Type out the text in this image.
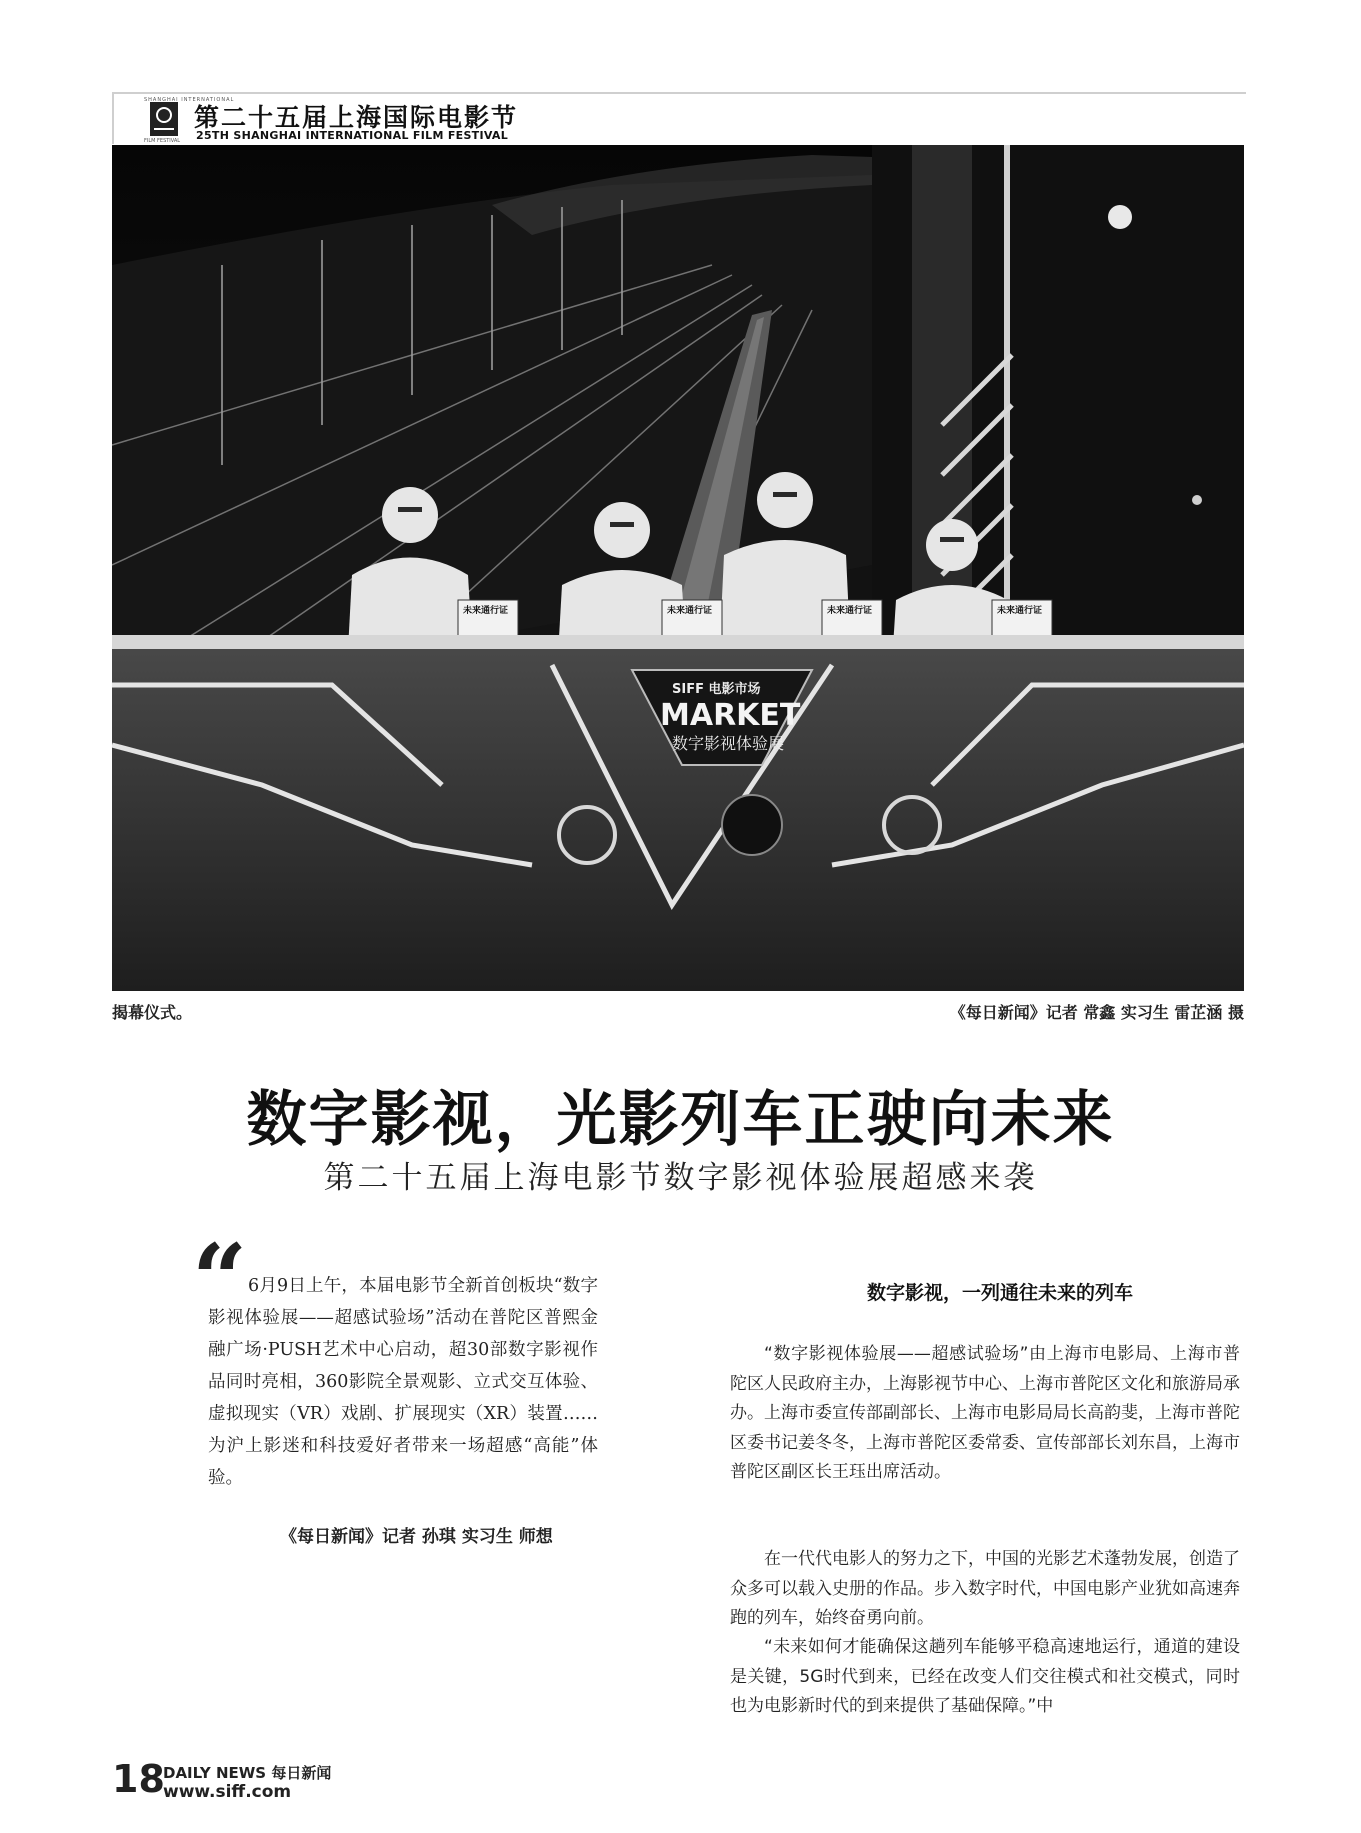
SHANGHAI INTERNATIONAL
FILM FESTIVAL
第二十五届上海国际电影节
25TH SHANGHAI INTERNATIONAL FILM FESTIVAL
未来通行证	未来通行证	未来通行证	未来通行证
SIFF 电影市场
MARKET
数字影视体验展
揭幕仪式。	《每日新闻》记者 常鑫 实习生 雷芷涵 摄
数字影视，光影列车正驶向未来
第二十五届上海电影节数字影视体验展超感来袭
“ 6月9日上午，本届电影节全新首创板块“数字影视体验展——超感试验场”活动在普陀区普熙金融广场·PUSH艺术中心启动，超30部数字影视作品同时亮相，360影院全景观影、立式交互体验、虚拟现实（VR）戏剧、扩展现实（XR）装置……为沪上影迷和科技爱好者带来一场超感“高能”体验。
《每日新闻》记者 孙琪 实习生 师想
数字影视，一列通往未来的列车
“数字影视体验展——超感试验场”由上海市电影局、上海市普陀区人民政府主办，上海影视节中心、上海市普陀区文化和旅游局承办。上海市委宣传部副部长、上海市电影局局长高韵斐，上海市普陀区委书记姜冬冬，上海市普陀区委常委、宣传部部长刘东昌，上海市普陀区副区长王珏出席活动。
在一代代电影人的努力之下，中国的光影艺术蓬勃发展，创造了众多可以载入史册的作品。步入数字时代，中国电影产业犹如高速奔跑的列车，始终奋勇向前。
“未来如何才能确保这趟列车能够平稳高速地运行，通道的建设是关键，5G时代到来，已经在改变人们交往模式和社交模式，同时也为电影新时代的到来提供了基础保障。”中
18
DAILY NEWS 每日新闻
www.siff.com
